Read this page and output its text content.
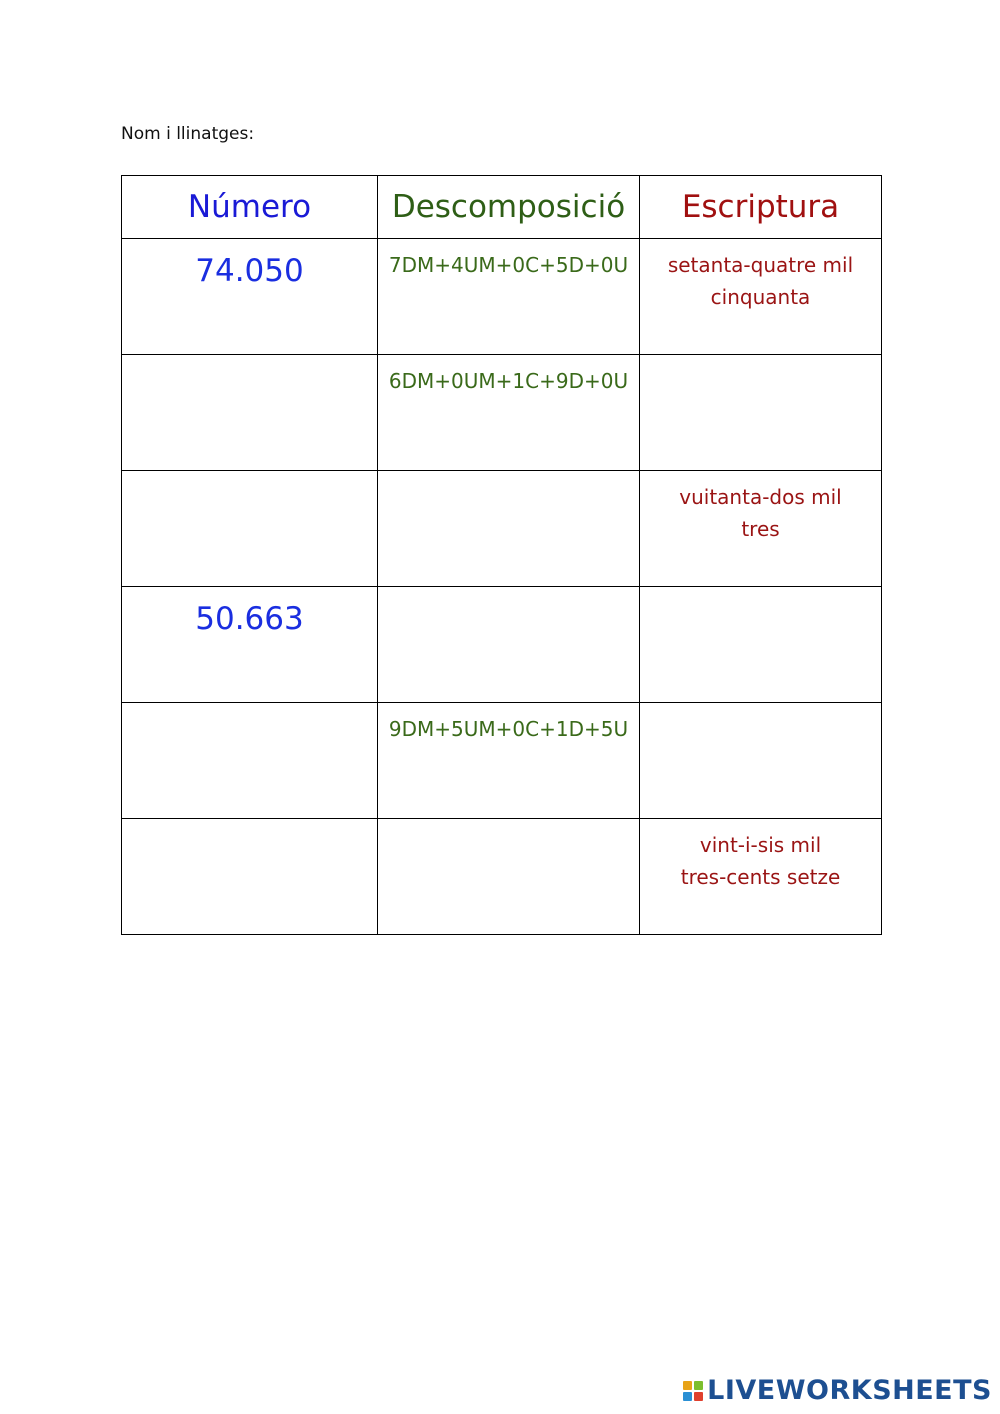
Nom i llinatges:
Número	Descomposició	Escriptura

74.050	7DM+4UM+0C+5D+0U	setanta-quatre mil
cinquanta

	6DM+0UM+1C+9D+0U	

		vuitanta-dos mil
tres

50.663		

	9DM+5UM+0C+1D+5U	

		vint-i-sis mil
tres-cents setze
LIVEWORKSHEETS
